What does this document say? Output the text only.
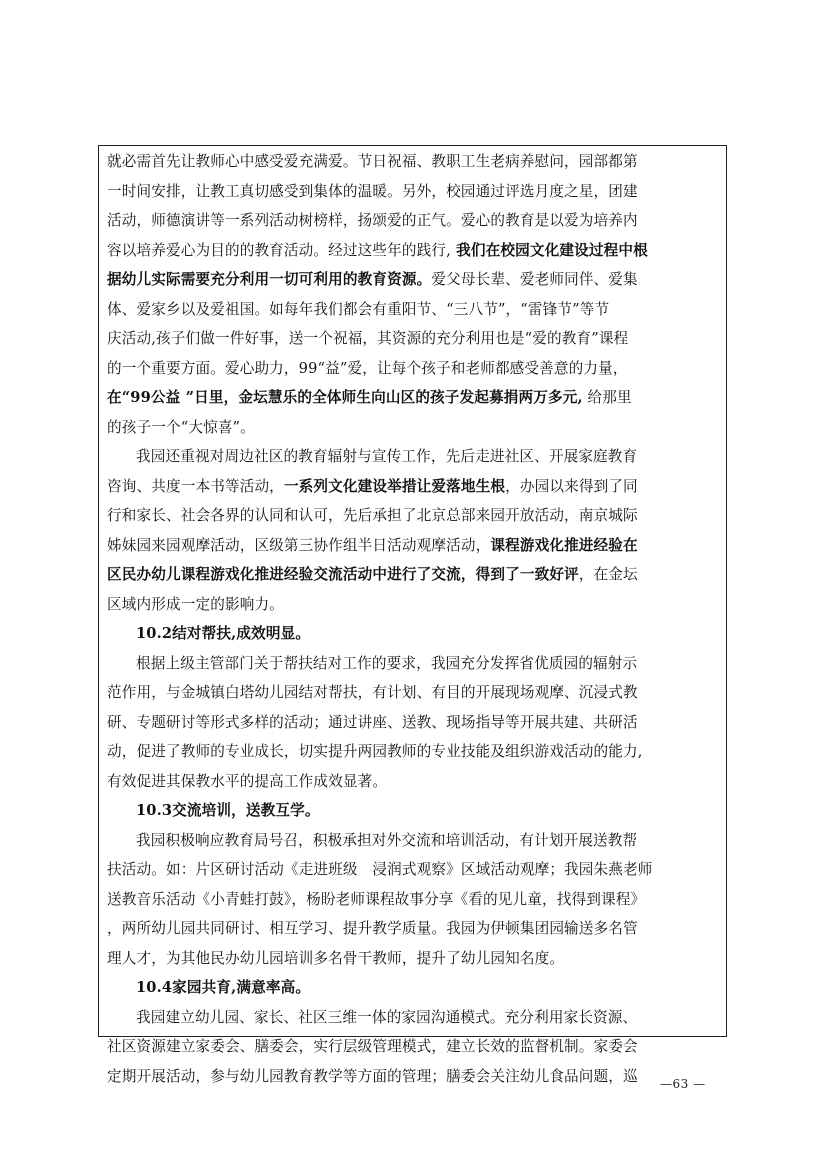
就必需首先让教师心中感受爱充满爱。节日祝福、教职工生老病养慰问，园部都第
一时间安排，让教工真切感受到集体的温暖。另外，校园通过评选月度之星，团建
活动，师德演讲等一系列活动树榜样，扬颂爱的正气。爱心的教育是以爱为培养内
容以培养爱心为目的的教育活动。经过这些年的践行, 我们在校园文化建设过程中根
据幼儿实际需要充分利用一切可利用的教育资源。爱父母长辈、爱老师同伴、爱集
体、爱家乡以及爱祖国。如每年我们都会有重阳节、“三八节”，“雷锋节”等节
庆活动,孩子们做一件好事，送一个祝福，其资源的充分利用也是“爱的教育”课程
的一个重要方面。爱心助力，99“益”爱，让每个孩子和老师都感受善意的力量，
在“99公益 ”日里，金坛慧乐的全体师生向山区的孩子发起募捐两万多元, 给那里
的孩子一个“大惊喜”。
我园还重视对周边社区的教育辐射与宣传工作，先后走进社区、开展家庭教育
咨询、共度一本书等活动，一系列文化建设举措让爱落地生根，办园以来得到了同
行和家长、社会各界的认同和认可，先后承担了北京总部来园开放活动，南京城际
姊妹园来园观摩活动，区级第三协作组半日活动观摩活动，课程游戏化推进经验在
区民办幼儿课程游戏化推进经验交流活动中进行了交流，得到了一致好评，在金坛
区域内形成一定的影响力。
10.2结对帮扶,成效明显。
根据上级主管部门关于帮扶结对工作的要求，我园充分发挥省优质园的辐射示
范作用，与金城镇白塔幼儿园结对帮扶，有计划、有目的开展现场观摩、沉浸式教
研、专题研讨等形式多样的活动；通过讲座、送教、现场指导等开展共建、共研活
动，促进了教师的专业成长，切实提升两园教师的专业技能及组织游戏活动的能力,
有效促进其保教水平的提高工作成效显著。
10.3交流培训，送教互学。
我园积极响应教育局号召，积极承担对外交流和培训活动，有计划开展送教帮
扶活动。如：片区研讨活动《走进班级　浸润式观察》区域活动观摩；我园朱燕老师
送教音乐活动《小青蛙打鼓》，杨盼老师课程故事分享《看的见儿童，找得到课程》
，两所幼儿园共同研讨、相互学习、提升教学质量。我园为伊顿集团园输送多名管
理人才，为其他民办幼儿园培训多名骨干教师，提升了幼儿园知名度。
10.4家园共育,满意率高。
我园建立幼儿园、家长、社区三维一体的家园沟通模式。充分利用家长资源、
社区资源建立家委会、膳委会，实行层级管理模式，建立长效的监督机制。家委会
定期开展活动，参与幼儿园教育教学等方面的管理；膳委会关注幼儿食品问题，巡	—63 —
